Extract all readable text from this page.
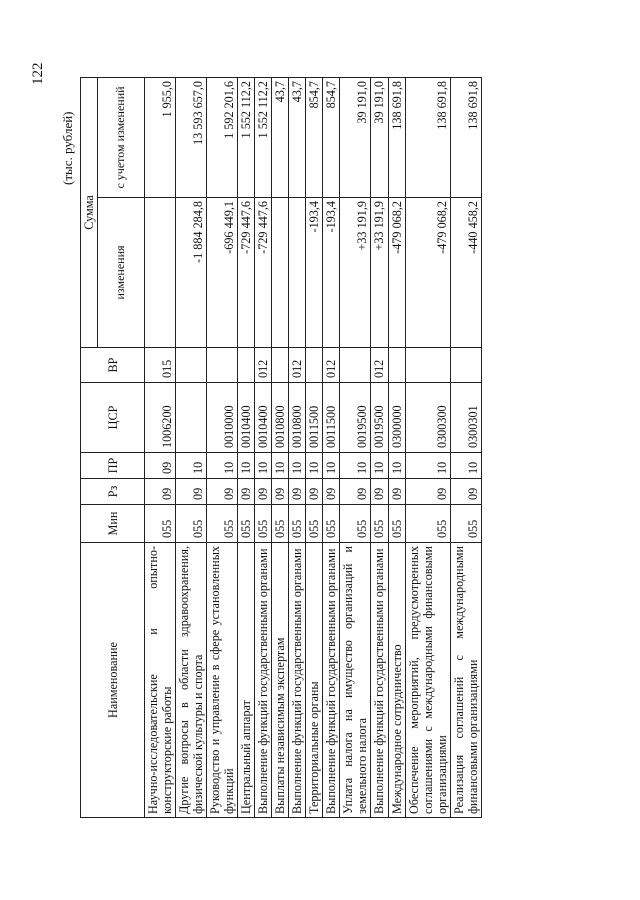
122
(тыс. рублей)
Наименование	Мин	Рз	ПР	ЦСР	ВР	Сумма	
						изменения	с учетом изменений
Научно-исследовательские и опытно-конструкторские работы	055	09	09	1006200	015		1 955,0
Другие вопросы в области здравоохранения, физической культуры и спорта	055	09	10			-1 884 284,8	13 593 657,0
Руководство и управление в сфере установленных функций	055	09	10	0010000		-696 449,1	1 592 201,6
Центральный аппарат	055	09	10	0010400		-729 447,6	1 552 112,2
Выполнение функций государственными органами	055	09	10	0010400	012	-729 447,6	1 552 112,2
Выплаты независимым экспертам	055	09	10	0010800			43,7
Выполнение функций государственными органами	055	09	10	0010800	012		43,7
Территориальные органы	055	09	10	0011500		-193,4	854,7
Выполнение функций государственными органами	055	09	10	0011500	012	-193,4	854,7
Уплата налога на имущество организаций и земельного налога	055	09	10	0019500		+33 191,9	39 191,0
Выполнение функций государственными органами	055	09	10	0019500	012	+33 191,9	39 191,0
Международное сотрудничество	055	09	10	0300000		-479 068,2	138 691,8
Обеспечение мероприятий, предусмотренных соглашениями с международными финансовыми организациями	055	09	10	0300300		-479 068,2	138 691,8
Реализация соглашений с международными финансовыми организациями	055	09	10	0300301		-440 458,2	138 691,8
